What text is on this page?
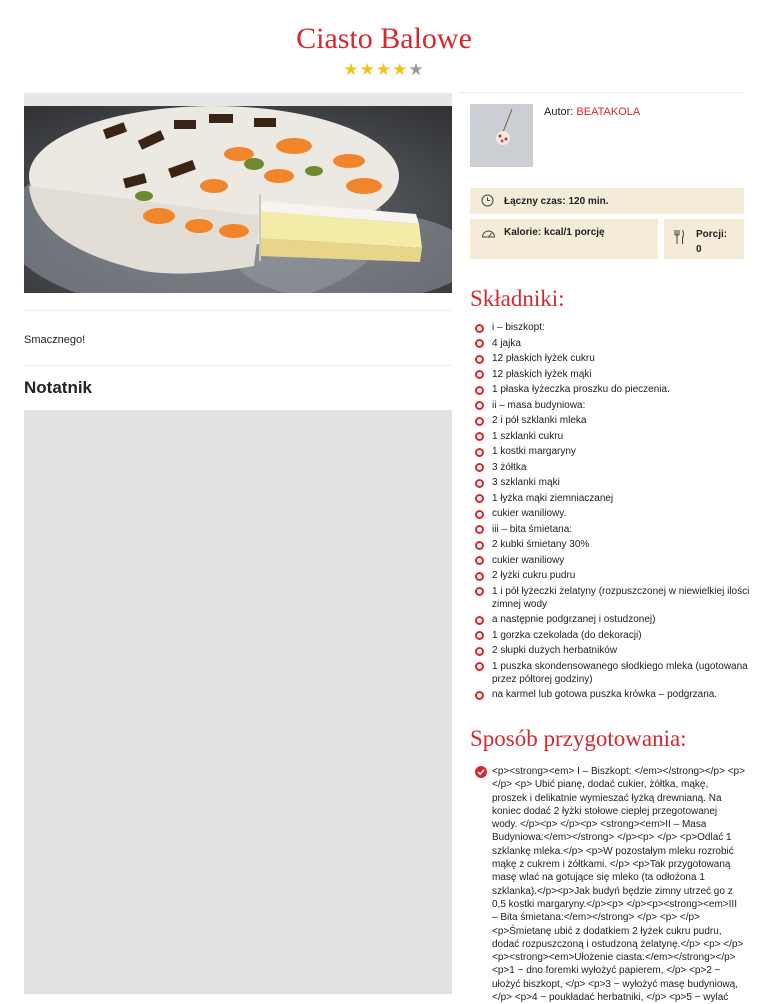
Ciasto Balowe
★★★★★
Smacznego!
Notatnik
Autor: BEATAKOLA
Łączny czas: 120 min.
Kalorie: kcal/1 porcję	Porcji:
0
Składniki:
i – biszkopt:
4 jajka
12 płaskich łyżek cukru
12 płaskich łyżek mąki
1 płaska łyżeczka proszku do pieczenia.
ii – masa budyniowa:
2 i pół szklanki mleka
1 szklanki cukru
1 kostki margaryny
3 żółtka
3 szklanki mąki
1 łyżka mąki ziemniaczanej
cukier waniliowy.
iii – bita śmietana:
2 kubki śmietany 30%
cukier waniliowy
2 łyżki cukru pudru
1 i pół łyżeczki żelatyny (rozpuszczonej w niewielkiej ilości zimnej wody
a następnie podgrzanej i ostudzonej)
1 gorzka czekolada (do dekoracji)
2 słupki dużych herbatników
1 puszka skondensowanego słodkiego mleka (ugotowana przez półtorej godziny)
na karmel lub gotowa puszka krówka – podgrzana.
Sposób przygotowania:
<p><strong><em> I – Biszkopt: </em></strong></p> <p> </p> <p> Ubić pianę, dodać cukier, żółtka, mąkę, proszek i delikatnie wymieszać łyżką drewnianą. Na koniec dodać 2 łyżki stołowe ciepłej przegotowanej wody. </p><p> </p><p> <strong><em>II – Masa Budyniowa:</em></strong> </p><p> </p> <p>Odlać 1 szklankę mleka.</p> <p>W pozostałym mleku rozrobić mąkę z cukrem i żółtkami. </p> <p>Tak przygotowaną masę wlać na gotujące się mleko (ta odłożona 1 szklanka).</p><p>Jak budyń będzie zimny utrzeć go z 0,5 kostki margaryny.</p><p> </p><p><strong><em>III – Bita śmietana:</em></strong> </p> <p> </p> <p>Śmietanę ubić z dodatkiem 2 łyżek cukru pudru, dodać rozpuszczoną i ostudzoną żelatynę.</p> <p> </p> <p><strong><em>Ułożenie ciasta:</em></strong></p> <p>1 − dno foremki wyłożyć papierem, </p> <p>2 − ułożyć biszkopt, </p> <p>3 − wyłożyć masę budyniową, </p> <p>4 − poukładać herbatniki, </p> <p>5 − wylać
